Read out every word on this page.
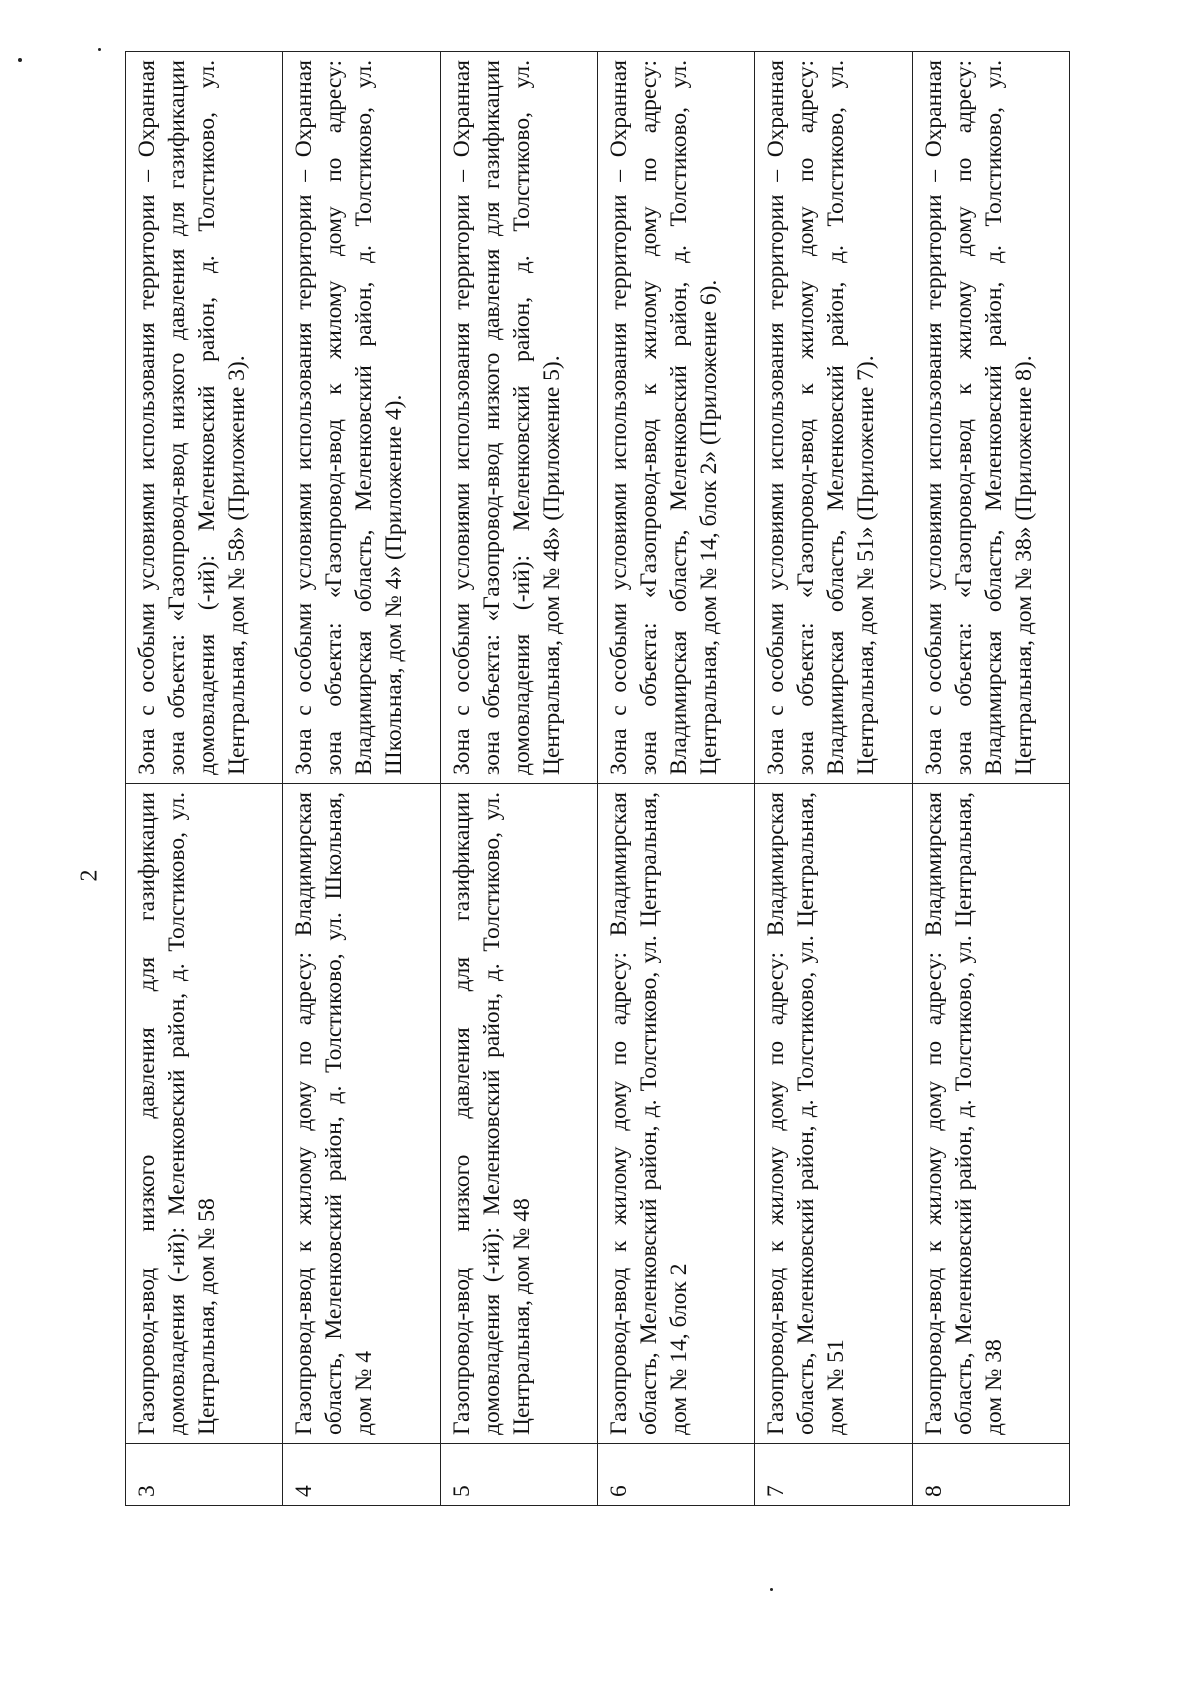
2
3	Газопровод-ввод низкого давления для газификации домовладения (-ий): Меленковский район, д. Толстиково, ул. Центральная, дом № 58	Зона с особыми условиями использования территории – Охранная зона объекта: «Газопровод-ввод низкого давления для газификации домовладения (-ий): Меленковский район, д. Толстиково, ул. Центральная, дом № 58» (Приложение 3).
4	Газопровод-ввод к жилому дому по адресу: Владимирская область, Меленковский район, д. Толстиково, ул. Школьная, дом № 4	Зона с особыми условиями использования территории – Охранная зона объекта: «Газопровод-ввод к жилому дому по адресу: Владимирская область, Меленковский район, д. Толстиково, ул. Школьная, дом № 4» (Приложение 4).
5	Газопровод-ввод низкого давления для газификации домовладения (-ий): Меленковский район, д. Толстиково, ул. Центральная, дом № 48	Зона с особыми условиями использования территории – Охранная зона объекта: «Газопровод-ввод низкого давления для газификации домовладения (-ий): Меленковский район, д. Толстиково, ул. Центральная, дом № 48» (Приложение 5).
6	Газопровод-ввод к жилому дому по адресу: Владимирская область, Меленковский район, д. Толстиково, ул. Центральная, дом № 14, блок 2	Зона с особыми условиями использования территории – Охранная зона объекта: «Газопровод-ввод к жилому дому по адресу: Владимирская область, Меленковский район, д. Толстиково, ул. Центральная, дом № 14, блок 2» (Приложение 6).
7	Газопровод-ввод к жилому дому по адресу: Владимирская область, Меленковский район, д. Толстиково, ул. Центральная, дом № 51	Зона с особыми условиями использования территории – Охранная зона объекта: «Газопровод-ввод к жилому дому по адресу: Владимирская область, Меленковский район, д. Толстиково, ул. Центральная, дом № 51» (Приложение 7).
8	Газопровод-ввод к жилому дому по адресу: Владимирская область, Меленковский район, д. Толстиково, ул. Центральная, дом № 38	Зона с особыми условиями использования территории – Охранная зона объекта: «Газопровод-ввод к жилому дому по адресу: Владимирская область, Меленковский район, д. Толстиково, ул. Центральная, дом № 38» (Приложение 8).
